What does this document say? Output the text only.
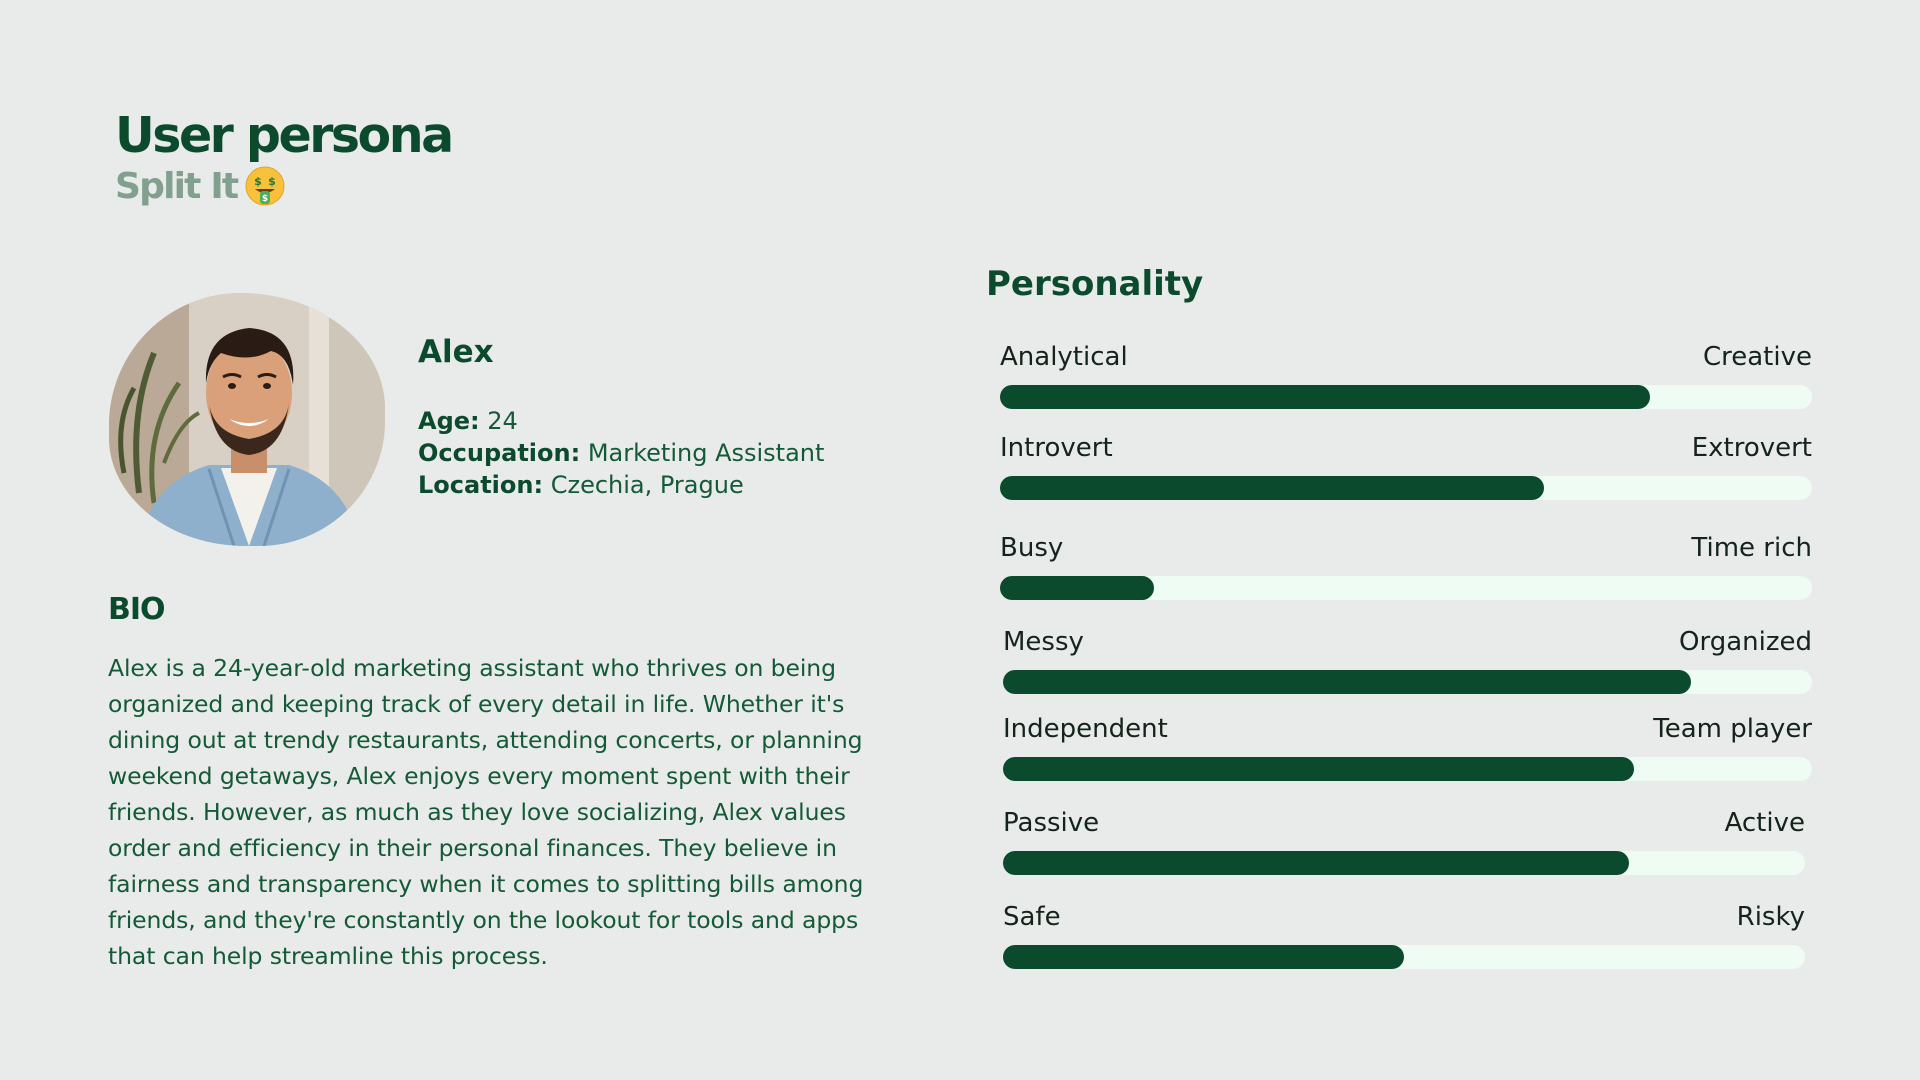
User persona
Split It $ $
$
Alex
Age: 24
Occupation: Marketing Assistant
Location: Czechia, Prague
BIO

Alex is a 24-year-old marketing assistant who thrives on being organized and keeping track of every detail in life. Whether it's dining out at trendy restaurants, attending concerts, or planning weekend getaways, Alex enjoys every moment spent with their friends. However, as much as they love socializing, Alex values order and efficiency in their personal finances. They believe in fairness and transparency when it comes to splitting bills among friends, and they're constantly on the lookout for tools and apps that can help streamline this process.

Personality
Analytical	Creative
Introvert	Extrovert
Busy	Time rich
Messy	Organized
Independent	Team player
Passive	Active
Safe	Risky
